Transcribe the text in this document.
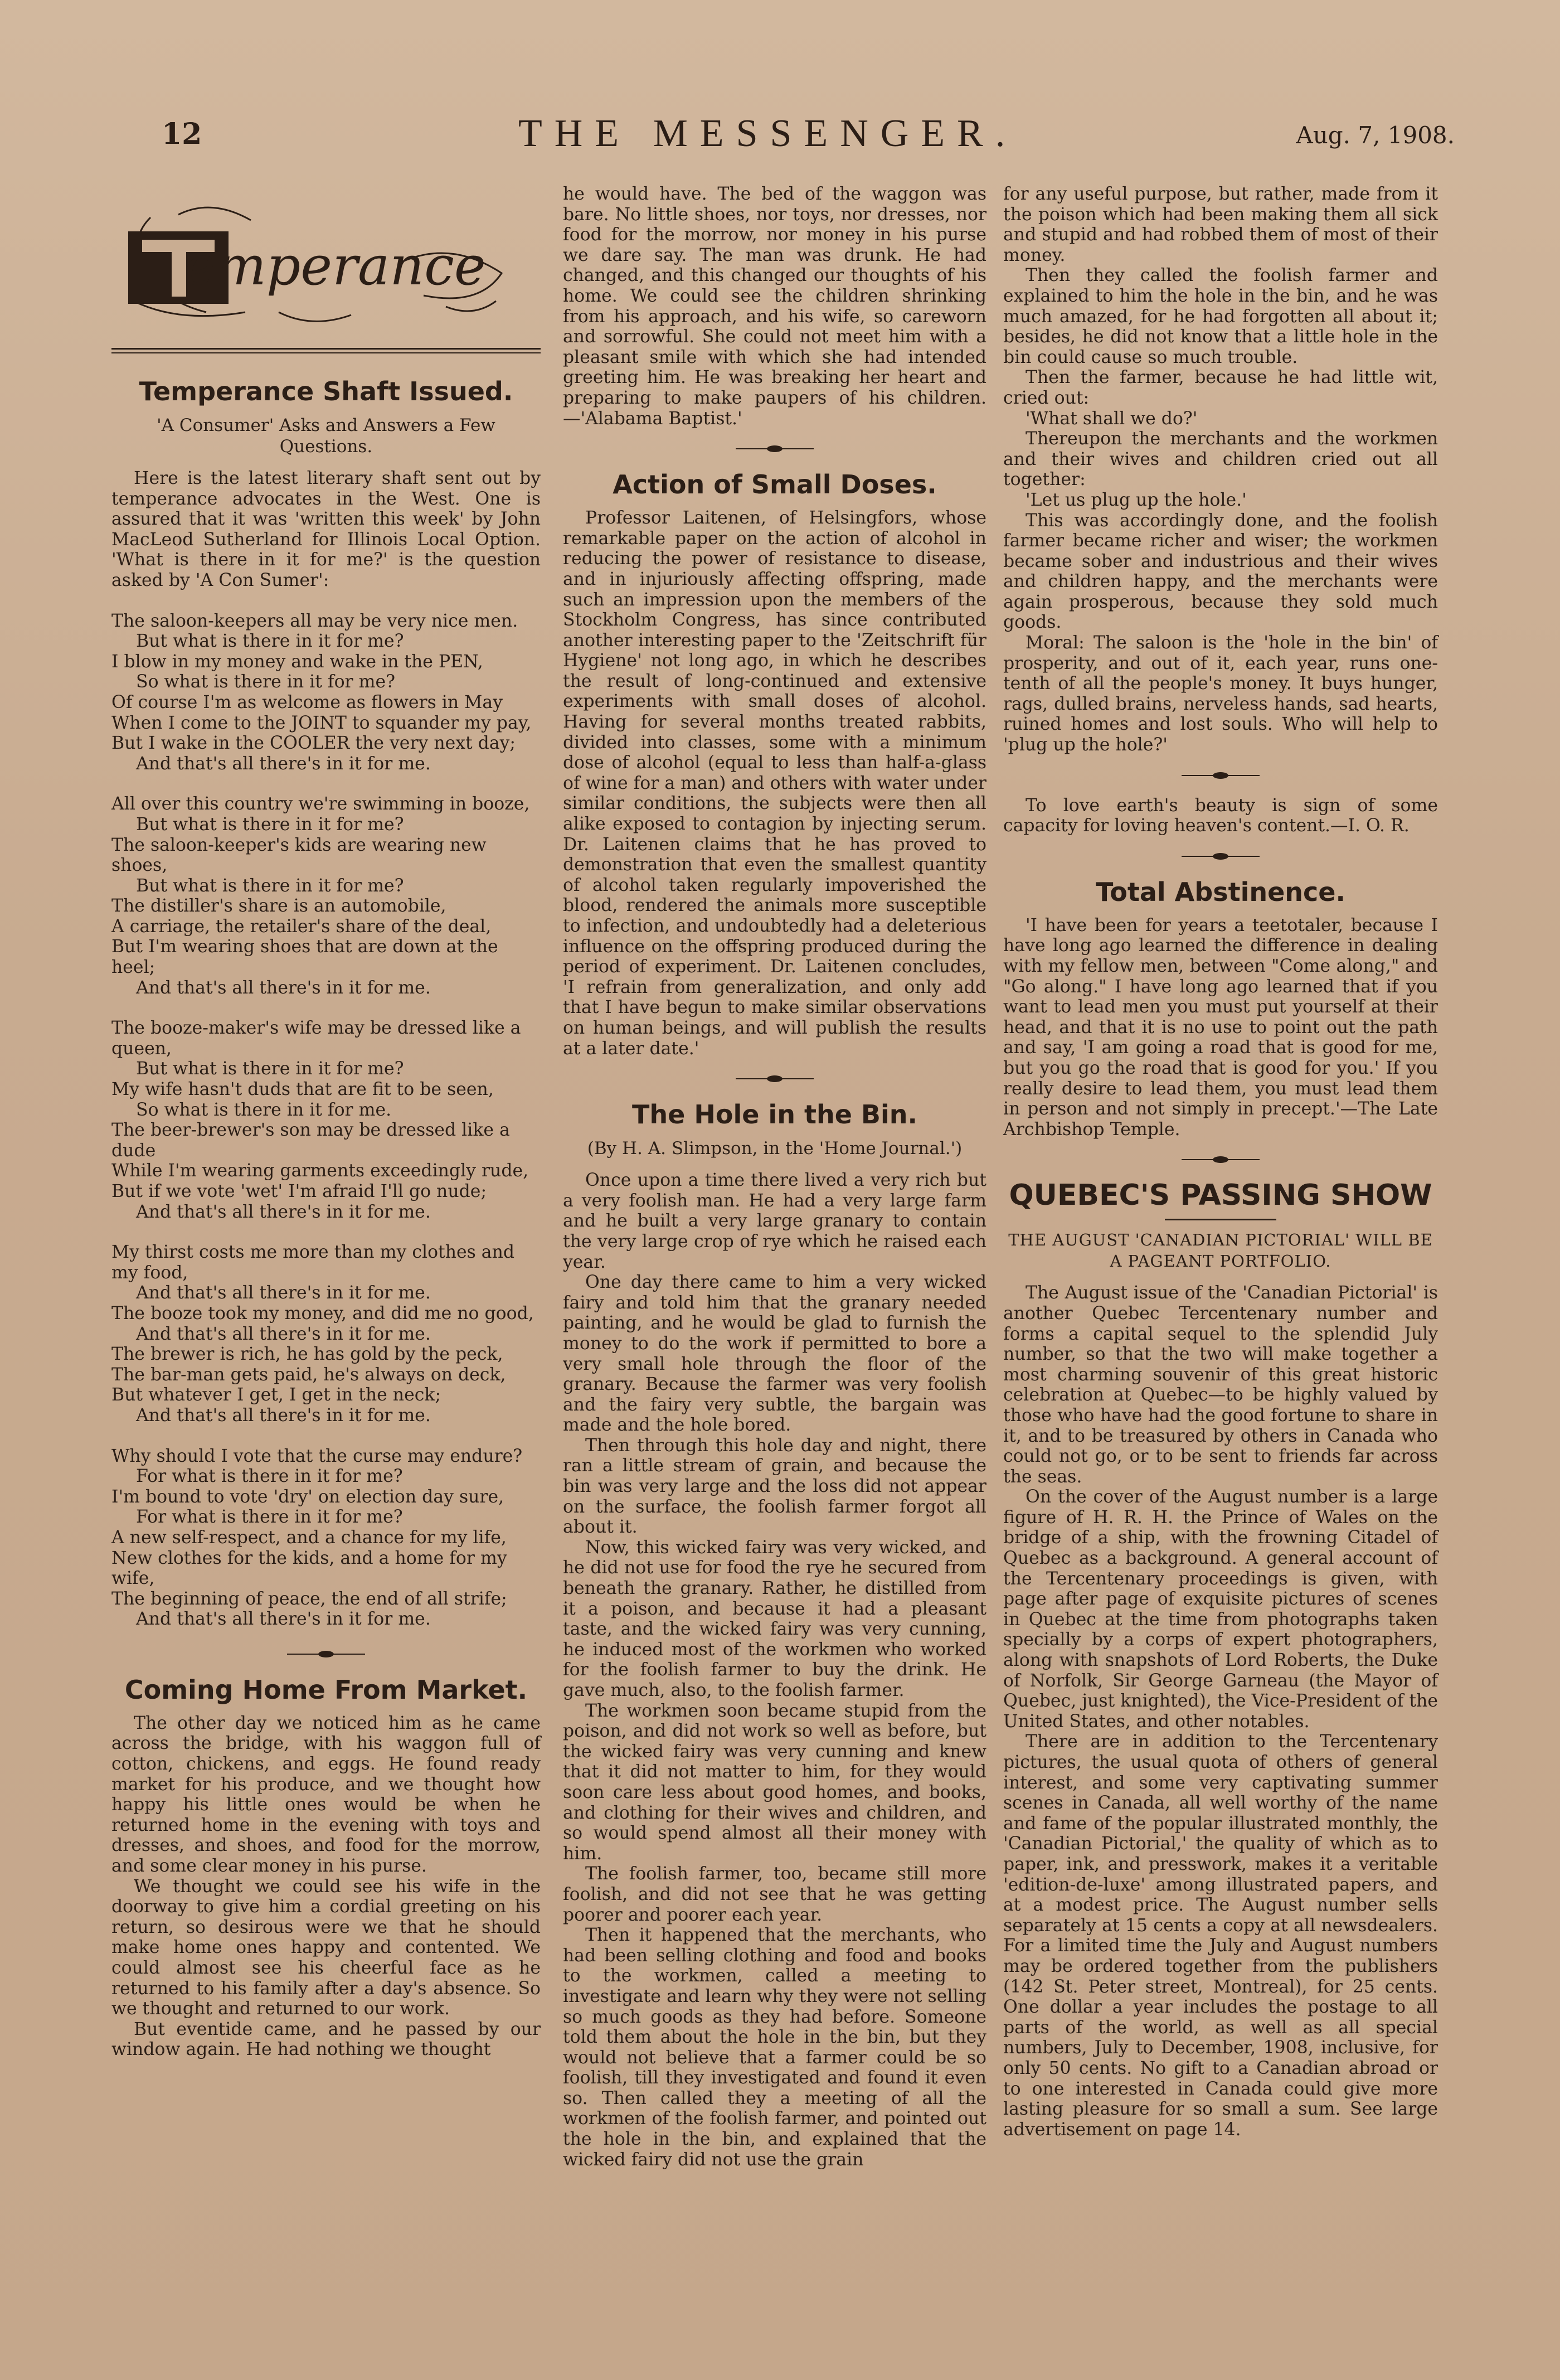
12	THE MESSENGER.	Aug. 7, 1908.
emperance
Temperance Shaft Issued.
'A Consumer' Asks and Answers a Few Questions.

Here is the latest literary shaft sent out by temperance advocates in the West. One is assured that it was 'written this week' by John MacLeod Sutherland for Illinois Local Option. 'What is there in it for me?' is the question asked by 'A Con Sumer':

The saloon-keepers all may be very nice men.

But what is there in it for me?

I blow in my money and wake in the PEN,

So what is there in it for me?

Of course I'm as welcome as flowers in May

When I come to the JOINT to squander my pay,

But I wake in the COOLER the very next day;

And that's all there's in it for me.

All over this country we're swimming in booze,

But what is there in it for me?

The saloon-keeper's kids are wearing new shoes,

But what is there in it for me?

The distiller's share is an automobile,

A carriage, the retailer's share of the deal,

But I'm wearing shoes that are down at the heel;

And that's all there's in it for me.

The booze-maker's wife may be dressed like a queen,

But what is there in it for me?

My wife hasn't duds that are fit to be seen,

So what is there in it for me.

The beer-brewer's son may be dressed like a dude

While I'm wearing garments exceedingly rude,

But if we vote 'wet' I'm afraid I'll go nude;

And that's all there's in it for me.

My thirst costs me more than my clothes and my food,

And that's all there's in it for me.

The booze took my money, and did me no good,

And that's all there's in it for me.

The brewer is rich, he has gold by the peck,

The bar-man gets paid, he's always on deck,

But whatever I get, I get in the neck;

And that's all there's in it for me.

Why should I vote that the curse may endure?

For what is there in it for me?

I'm bound to vote 'dry' on election day sure,

For what is there in it for me?

A new self-respect, and a chance for my life,

New clothes for the kids, and a home for my wife,

The beginning of peace, the end of all strife;

And that's all there's in it for me.

Coming Home From Market.

The other day we noticed him as he came across the bridge, with his waggon full of cotton, chickens, and eggs. He found ready market for his produce, and we thought how happy his little ones would be when he returned home in the evening with toys and dresses, and shoes, and food for the morrow, and some clear money in his purse.

We thought we could see his wife in the doorway to give him a cordial greeting on his return, so desirous were we that he should make home ones happy and contented. We could almost see his cheerful face as he returned to his family after a day's absence. So we thought and returned to our work.

But eventide came, and he passed by our window again. He had nothing we thought

he would have. The bed of the waggon was bare. No little shoes, nor toys, nor dresses, nor food for the morrow, nor money in his purse we dare say. The man was drunk. He had changed, and this changed our thoughts of his home. We could see the children shrinking from his approach, and his wife, so careworn and sorrowful. She could not meet him with a pleasant smile with which she had intended greeting him. He was breaking her heart and preparing to make paupers of his children.—'Alabama Baptist.'

Action of Small Doses.

Professor Laitenen, of Helsingfors, whose remarkable paper on the action of alcohol in reducing the power of resistance to disease, and in injuriously affecting offspring, made such an impression upon the members of the Stockholm Congress, has since contributed another interesting paper to the 'Zeitschrift für Hygiene' not long ago, in which he describes the result of long-continued and extensive experiments with small doses of alcohol. Having for several months treated rabbits, divided into classes, some with a minimum dose of alcohol (equal to less than half-a-glass of wine for a man) and others with water under similar conditions, the subjects were then all alike exposed to contagion by injecting serum. Dr. Laitenen claims that he has proved to demonstration that even the smallest quantity of alcohol taken regularly impoverished the blood, rendered the animals more susceptible to infection, and undoubtedly had a deleterious influence on the offspring produced during the period of experiment. Dr. Laitenen concludes, 'I refrain from generalization, and only add that I have begun to make similar observations on human beings, and will publish the results at a later date.'

The Hole in the Bin.
(By H. A. Slimpson, in the 'Home Journal.')

Once upon a time there lived a very rich but a very foolish man. He had a very large farm and he built a very large granary to contain the very large crop of rye which he raised each year.

One day there came to him a very wicked fairy and told him that the granary needed painting, and he would be glad to furnish the money to do the work if permitted to bore a very small hole through the floor of the granary. Because the farmer was very foolish and the fairy very subtle, the bargain was made and the hole bored.

Then through this hole day and night, there ran a little stream of grain, and because the bin was very large and the loss did not appear on the surface, the foolish farmer forgot all about it.

Now, this wicked fairy was very wicked, and he did not use for food the rye he secured from beneath the granary. Rather, he distilled from it a poison, and because it had a pleasant taste, and the wicked fairy was very cunning, he induced most of the workmen who worked for the foolish farmer to buy the drink. He gave much, also, to the foolish farmer.

The workmen soon became stupid from the poison, and did not work so well as before, but the wicked fairy was very cunning and knew that it did not matter to him, for they would soon care less about good homes, and books, and clothing for their wives and children, and so would spend almost all their money with him.

The foolish farmer, too, became still more foolish, and did not see that he was getting poorer and poorer each year.

Then it happened that the merchants, who had been selling clothing and food and books to the workmen, called a meeting to investigate and learn why they were not selling so much goods as they had before. Someone told them about the hole in the bin, but they would not believe that a farmer could be so foolish, till they investigated and found it even so. Then called they a meeting of all the workmen of the foolish farmer, and pointed out the hole in the bin, and explained that the wicked fairy did not use the grain

for any useful purpose, but rather, made from it the poison which had been making them all sick and stupid and had robbed them of most of their money.

Then they called the foolish farmer and explained to him the hole in the bin, and he was much amazed, for he had forgotten all about it; besides, he did not know that a little hole in the bin could cause so much trouble.

Then the farmer, because he had little wit, cried out:

'What shall we do?'

Thereupon the merchants and the workmen and their wives and children cried out all together:

'Let us plug up the hole.'

This was accordingly done, and the foolish farmer became richer and wiser; the workmen became sober and industrious and their wives and children happy, and the merchants were again prosperous, because they sold much goods.

Moral: The saloon is the 'hole in the bin' of prosperity, and out of it, each year, runs one-tenth of all the people's money. It buys hunger, rags, dulled brains, nerveless hands, sad hearts, ruined homes and lost souls. Who will help to 'plug up the hole?'

To love earth's beauty is sign of some capacity for loving heaven's content.—I. O. R.

Total Abstinence.

'I have been for years a teetotaler, because I have long ago learned the difference in dealing with my fellow men, between "Come along," and "Go along." I have long ago learned that if you want to lead men you must put yourself at their head, and that it is no use to point out the path and say, 'I am going a road that is good for me, but you go the road that is good for you.' If you really desire to lead them, you must lead them in person and not simply in precept.'—The Late Archbishop Temple.

QUEBEC'S PASSING SHOW
THE AUGUST 'CANADIAN PICTORIAL' WILL BE A PAGEANT PORTFOLIO.

The August issue of the 'Canadian Pictorial' is another Quebec Tercentenary number and forms a capital sequel to the splendid July number, so that the two will make together a most charming souvenir of this great historic celebration at Quebec—to be highly valued by those who have had the good fortune to share in it, and to be treasured by others in Canada who could not go, or to be sent to friends far across the seas.

On the cover of the August number is a large figure of H. R. H. the Prince of Wales on the bridge of a ship, with the frowning Citadel of Quebec as a background. A general account of the Tercentenary proceedings is given, with page after page of exquisite pictures of scenes in Quebec at the time from photographs taken specially by a corps of expert photographers, along with snapshots of Lord Roberts, the Duke of Norfolk, Sir George Garneau (the Mayor of Quebec, just knighted), the Vice-President of the United States, and other notables.

There are in addition to the Tercentenary pictures, the usual quota of others of general interest, and some very captivating summer scenes in Canada, all well worthy of the name and fame of the popular illustrated monthly, the 'Canadian Pictorial,' the quality of which as to paper, ink, and presswork, makes it a veritable 'edition-de-luxe' among illustrated papers, and at a modest price. The August number sells separately at 15 cents a copy at all newsdealers. For a limited time the July and August numbers may be ordered together from the publishers (142 St. Peter street, Montreal), for 25 cents. One dollar a year includes the postage to all parts of the world, as well as all special numbers, July to December, 1908, inclusive, for only 50 cents. No gift to a Canadian abroad or to one interested in Canada could give more lasting pleasure for so small a sum. See large advertisement on page 14.
